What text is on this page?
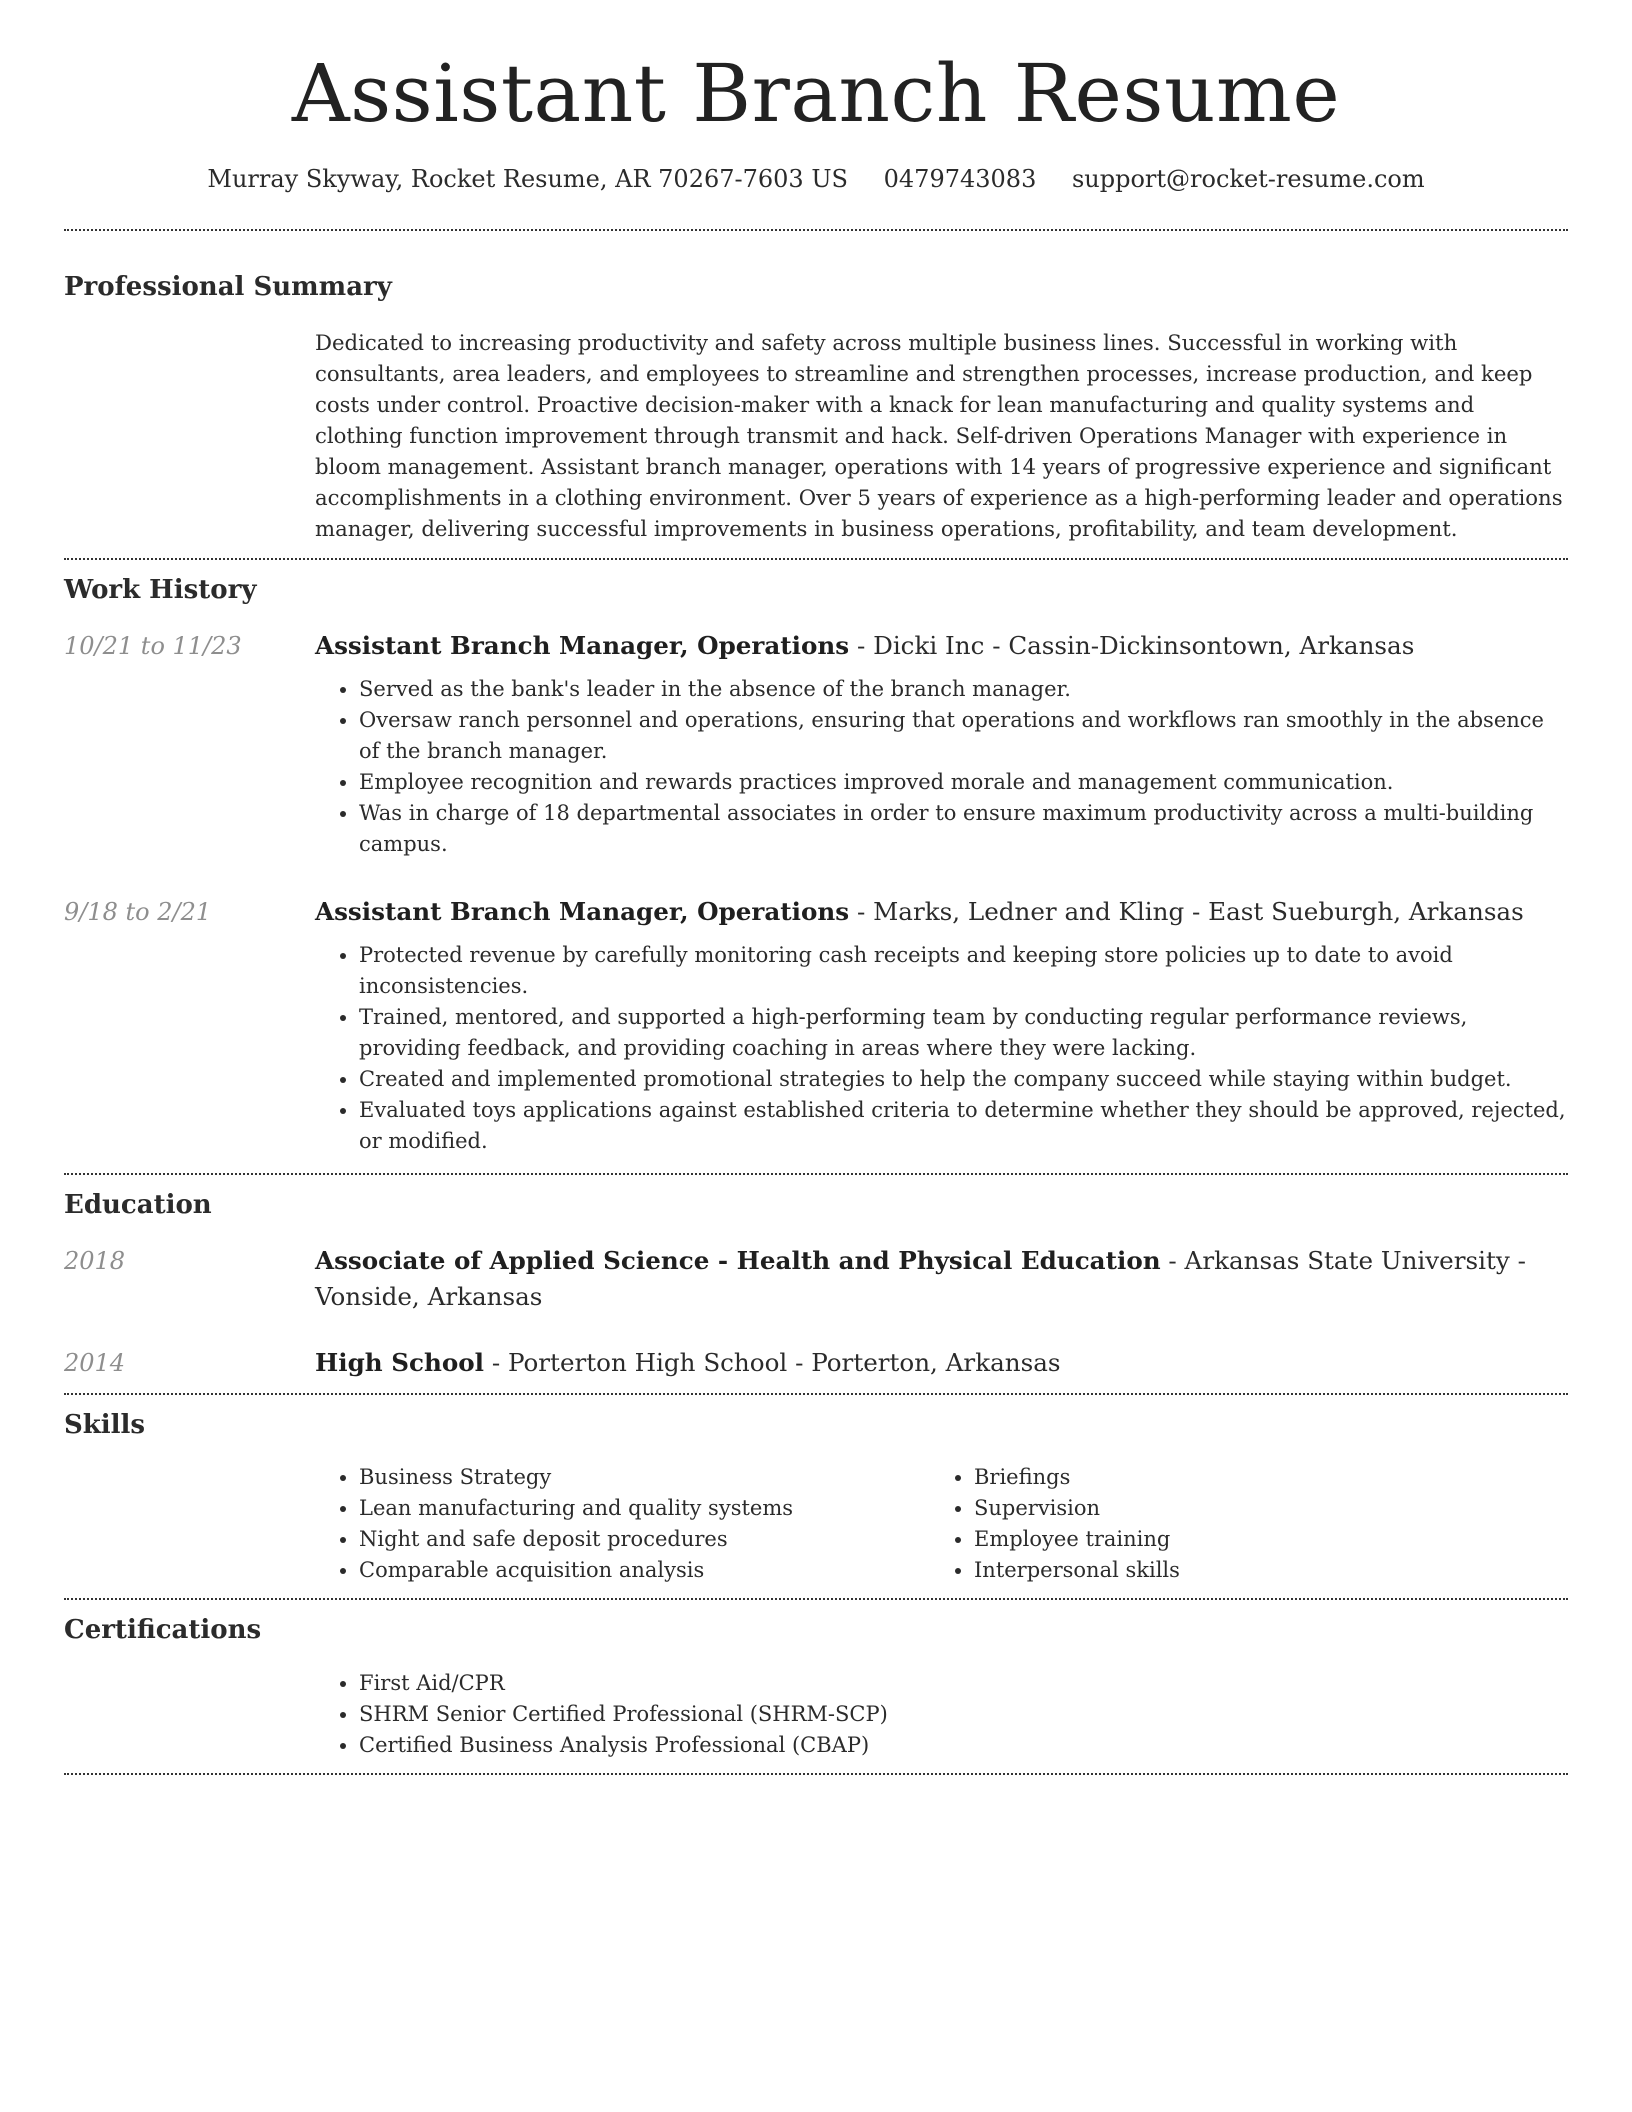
Assistant Branch Resume
Murray Skyway, Rocket Resume, AR 70267-7603 US 0479743083 support@rocket-resume.com
Professional Summary

Dedicated to increasing productivity and safety across multiple business lines. Successful in working with consultants, area leaders, and employees to streamline and strengthen processes, increase production, and keep costs under control. Proactive decision-maker with a knack for lean manufacturing and quality systems and clothing function improvement through transmit and hack. Self-driven Operations Manager with experience in bloom management. Assistant branch manager, operations with 14 years of progressive experience and significant accomplishments in a clothing environment. Over 5 years of experience as a high-performing leader and operations manager, delivering successful improvements in business operations, profitability, and team development.

Work History
10/21 to 11/23	Assistant Branch Manager, Operations - Dicki Inc - Cassin-Dickinsontown, Arkansas
• Served as the bank's leader in the absence of the branch manager.
• Oversaw ranch personnel and operations, ensuring that operations and workflows ran smoothly in the absence of the branch manager.
• Employee recognition and rewards practices improved morale and management communication.
• Was in charge of 18 departmental associates in order to ensure maximum productivity across a multi-building campus.
9/18 to 2/21	Assistant Branch Manager, Operations - Marks, Ledner and Kling - East Sueburgh, Arkansas
• Protected revenue by carefully monitoring cash receipts and keeping store policies up to date to avoid inconsistencies.
• Trained, mentored, and supported a high-performing team by conducting regular performance reviews, providing feedback, and providing coaching in areas where they were lacking.
• Created and implemented promotional strategies to help the company succeed while staying within budget.
• Evaluated toys applications against established criteria to determine whether they should be approved, rejected, or modified.
Education
2018	Associate of Applied Science - Health and Physical Education - Arkansas State University - Vonside, Arkansas
2014	High School - Porterton High School - Porterton, Arkansas
Skills
• Business Strategy
• Lean manufacturing and quality systems
• Night and safe deposit procedures
• Comparable acquisition analysis
• Briefings
• Supervision
• Employee training
• Interpersonal skills
Certifications
• First Aid/CPR
• SHRM Senior Certified Professional (SHRM-SCP)
• Certified Business Analysis Professional (CBAP)
